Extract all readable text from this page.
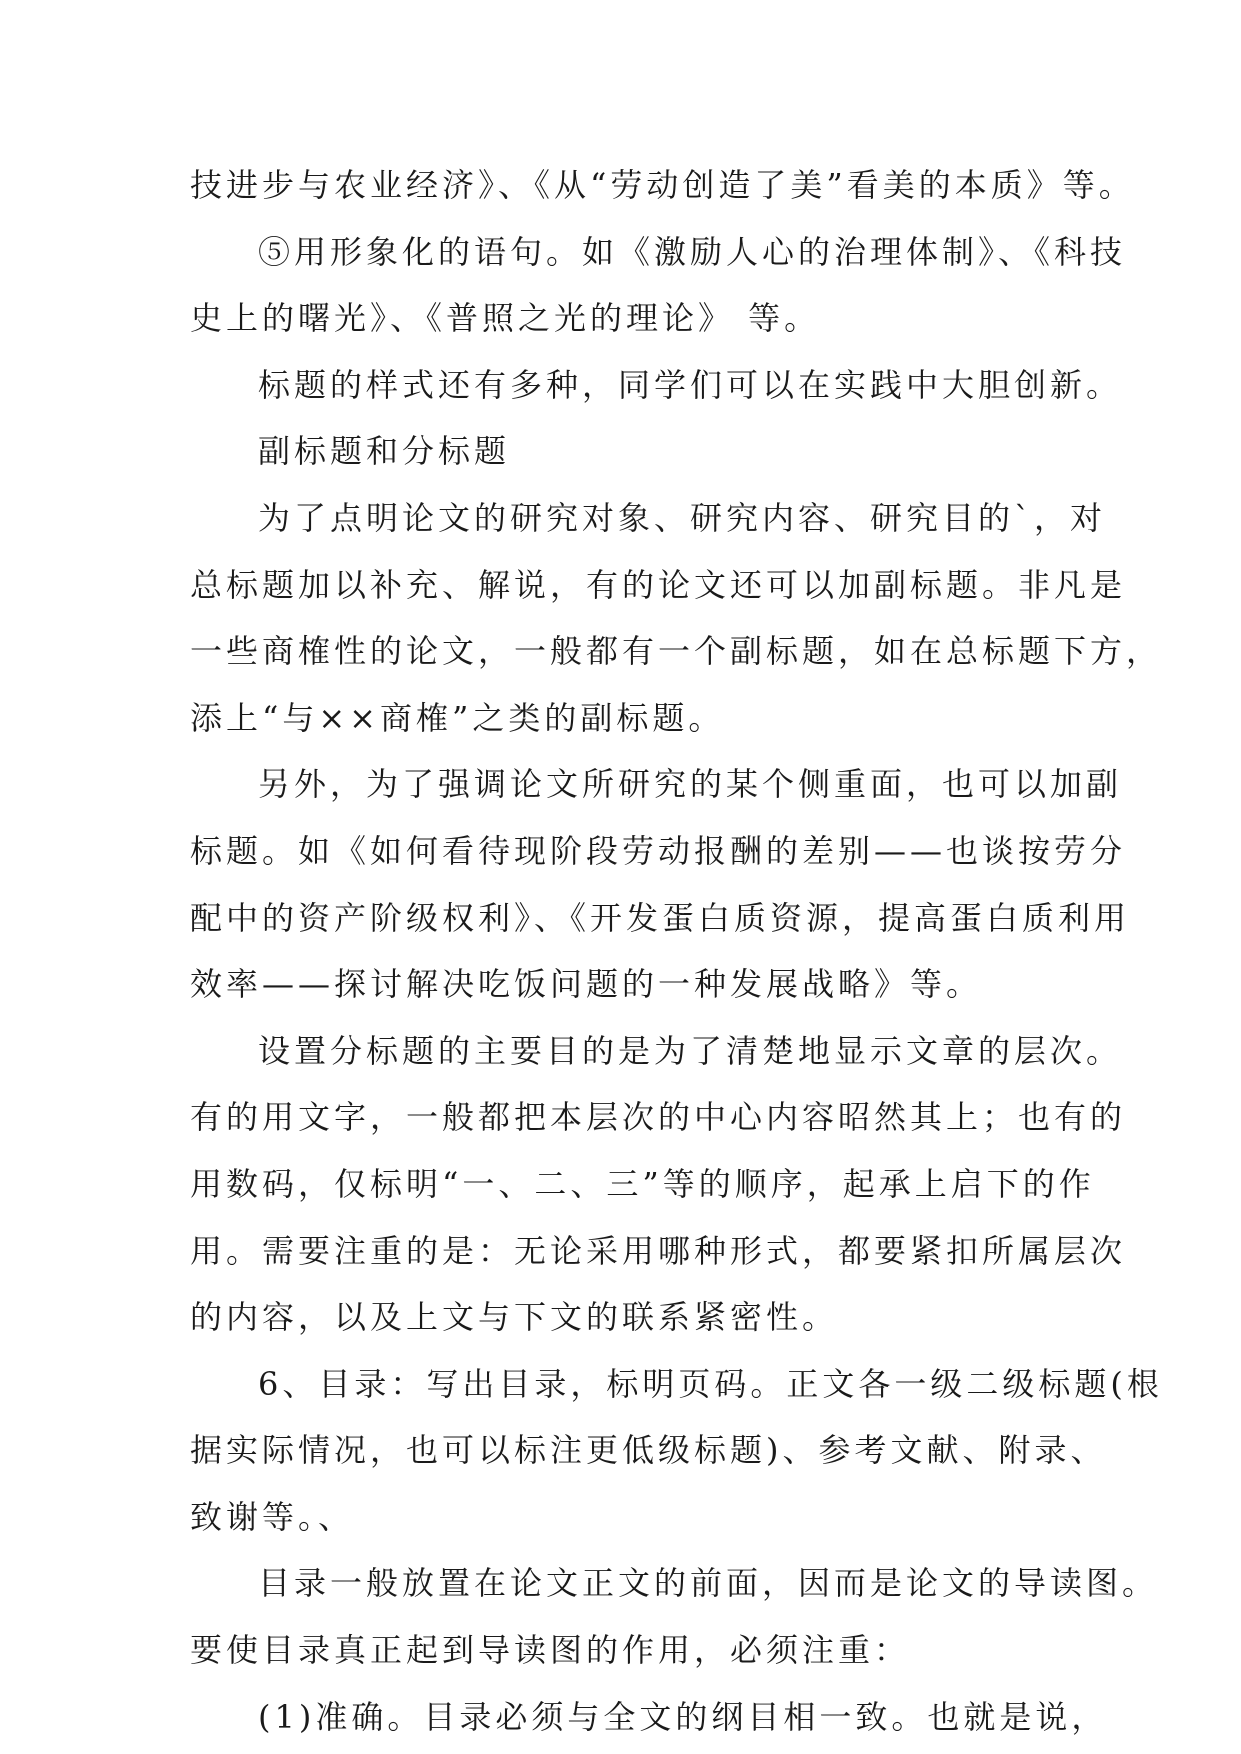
技进步与农业经济》、《从“劳动创造了美”看美的本质》等。
⑤用形象化的语句。如《激励人心的治理体制》、《科技
史上的曙光》、《普照之光的理论》 等。
标题的样式还有多种，同学们可以在实践中大胆创新。
副标题和分标题
为了点明论文的研究对象、研究内容、研究目的`，对
总标题加以补充、解说，有的论文还可以加副标题。非凡是
一些商榷性的论文，一般都有一个副标题，如在总标题下方，
添上“与××商榷”之类的副标题。
另外，为了强调论文所研究的某个侧重面，也可以加副
标题。如《如何看待现阶段劳动报酬的差别——也谈按劳分
配中的资产阶级权利》、《开发蛋白质资源，提高蛋白质利用
效率——探讨解决吃饭问题的一种发展战略》等。
设置分标题的主要目的是为了清楚地显示文章的层次。
有的用文字，一般都把本层次的中心内容昭然其上；也有的
用数码，仅标明“一、二、三”等的顺序，起承上启下的作
用。需要注重的是：无论采用哪种形式，都要紧扣所属层次
的内容，以及上文与下文的联系紧密性。
6、目录：写出目录，标明页码。正文各一级二级标题(根
据实际情况，也可以标注更低级标题)、参考文献、附录、
致谢等。、
目录一般放置在论文正文的前面，因而是论文的导读图。
要使目录真正起到导读图的作用，必须注重：
(1)准确。目录必须与全文的纲目相一致。也就是说，
